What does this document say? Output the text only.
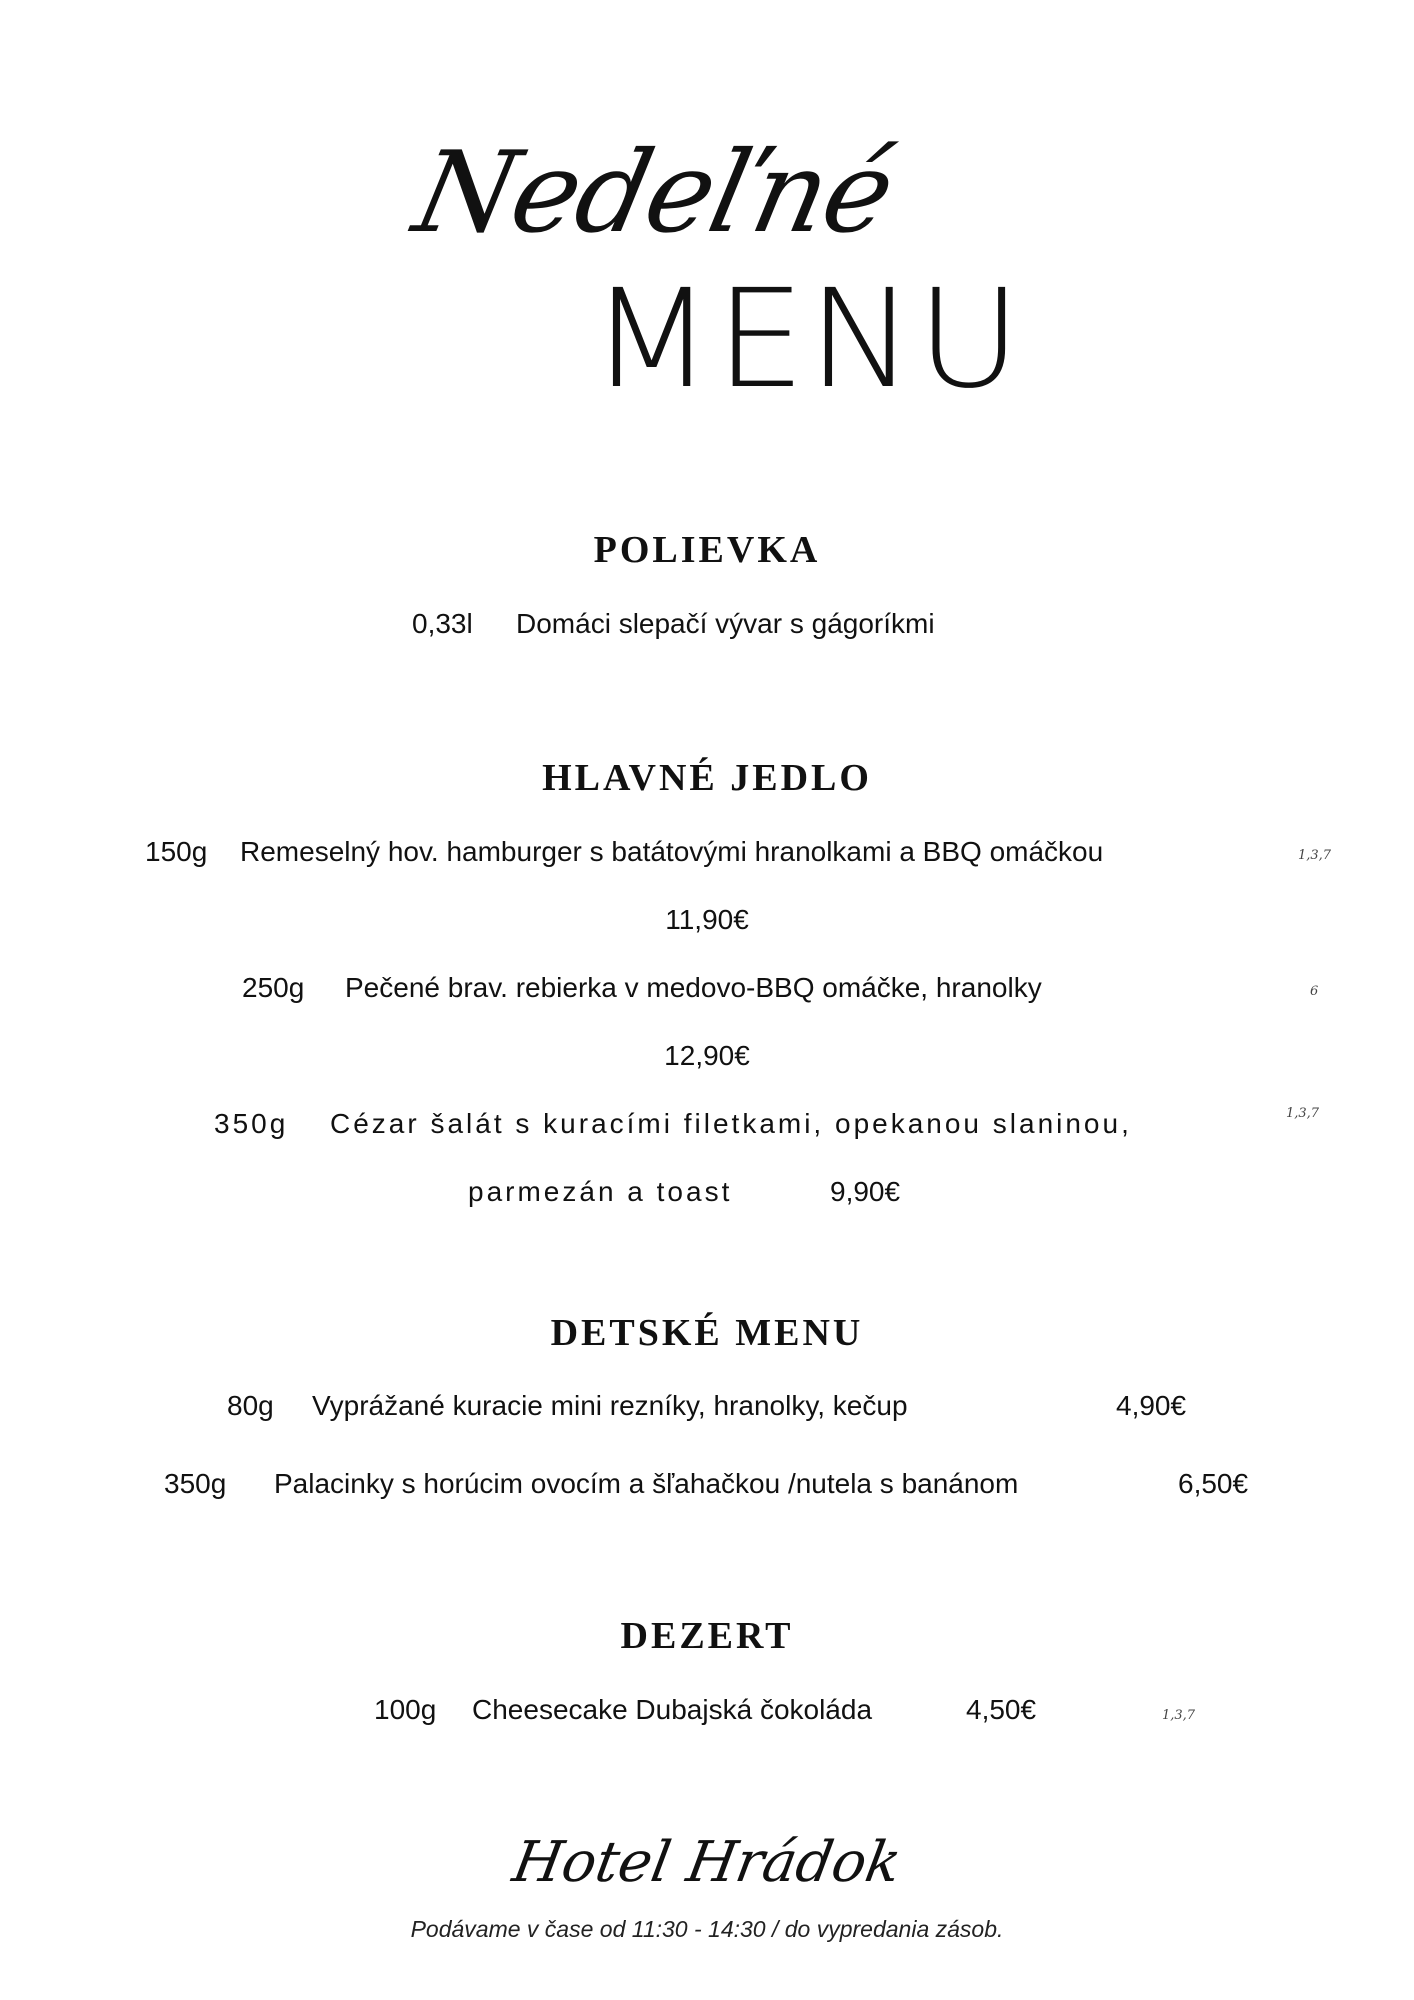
Nedeľné
MENU
POLIEVKA
0,33l Domáci slepačí vývar s gágoríkmi
HLAVNÉ JEDLO
150g Remeselný hov. hamburger s batátovými hranolkami a BBQ omáčkou	1,3,7
11,90€
250g Pečené brav. rebierka v medovo-BBQ omáčke, hranolky	6
12,90€
350g Cézar šalát s kuracími filetkami, opekanou slaninou,	1,3,7
parmezán a toast	9,90€
DETSKÉ MENU
80g Vyprážané kuracie mini rezníky, hranolky, kečup	4,90€
350g Palacinky s horúcim ovocím a šľahačkou /nutela s banánom	6,50€
DEZERT
100g Cheesecake Dubajská čokoláda	4,50€	1,3,7
Hotel Hrádok
Podávame v čase od 11:30 - 14:30 / do vypredania zásob.
